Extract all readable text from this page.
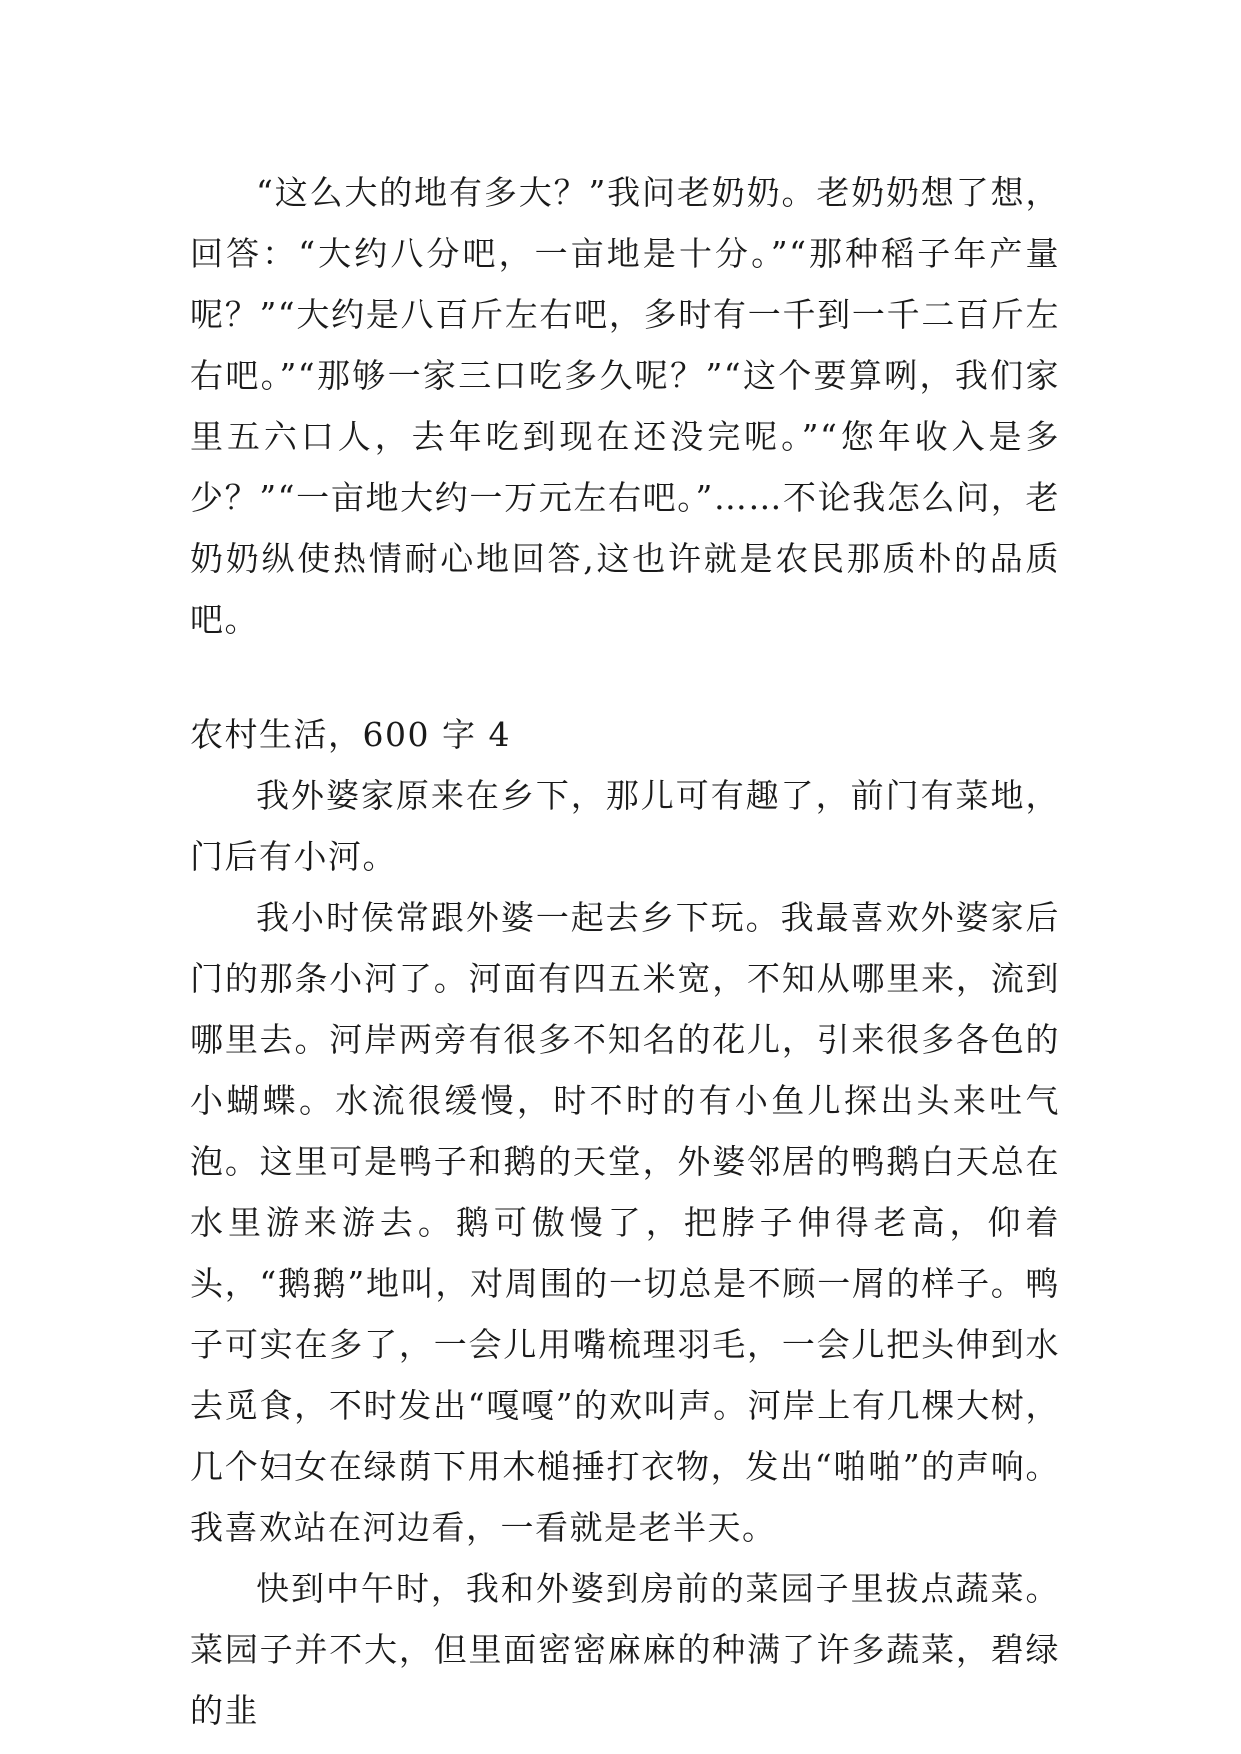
“这么大的地有多大？”我问老奶奶。老奶奶想了想，回答：“大约八分吧，一亩地是十分。”“那种稻子年产量呢？”“大约是八百斤左右吧，多时有一千到一千二百斤左右吧。”“那够一家三口吃多久呢？”“这个要算咧，我们家里五六口人，去年吃到现在还没完呢。”“您年收入是多少？”“一亩地大约一万元左右吧。”……不论我怎么问，老奶奶纵使热情耐心地回答,这也许就是农民那质朴的品质吧。

农村生活，600 字 4

我外婆家原来在乡下，那儿可有趣了，前门有菜地，门后有小河。

我小时侯常跟外婆一起去乡下玩。我最喜欢外婆家后门的那条小河了。河面有四五米宽，不知从哪里来，流到哪里去。河岸两旁有很多不知名的花儿，引来很多各色的小蝴蝶。水流很缓慢，时不时的有小鱼儿探出头来吐气泡。这里可是鸭子和鹅的天堂，外婆邻居的鸭鹅白天总在水里游来游去。鹅可傲慢了，把脖子伸得老高，仰着头，“鹅鹅”地叫，对周围的一切总是不顾一屑的样子。鸭子可实在多了，一会儿用嘴梳理羽毛，一会儿把头伸到水去觅食，不时发出“嘎嘎”的欢叫声。河岸上有几棵大树，几个妇女在绿荫下用木槌捶打衣物，发出“啪啪”的声响。我喜欢站在河边看，一看就是老半天。

快到中午时，我和外婆到房前的菜园子里拔点蔬菜。菜园子并不大，但里面密密麻麻的种满了许多蔬菜，碧绿的韭
